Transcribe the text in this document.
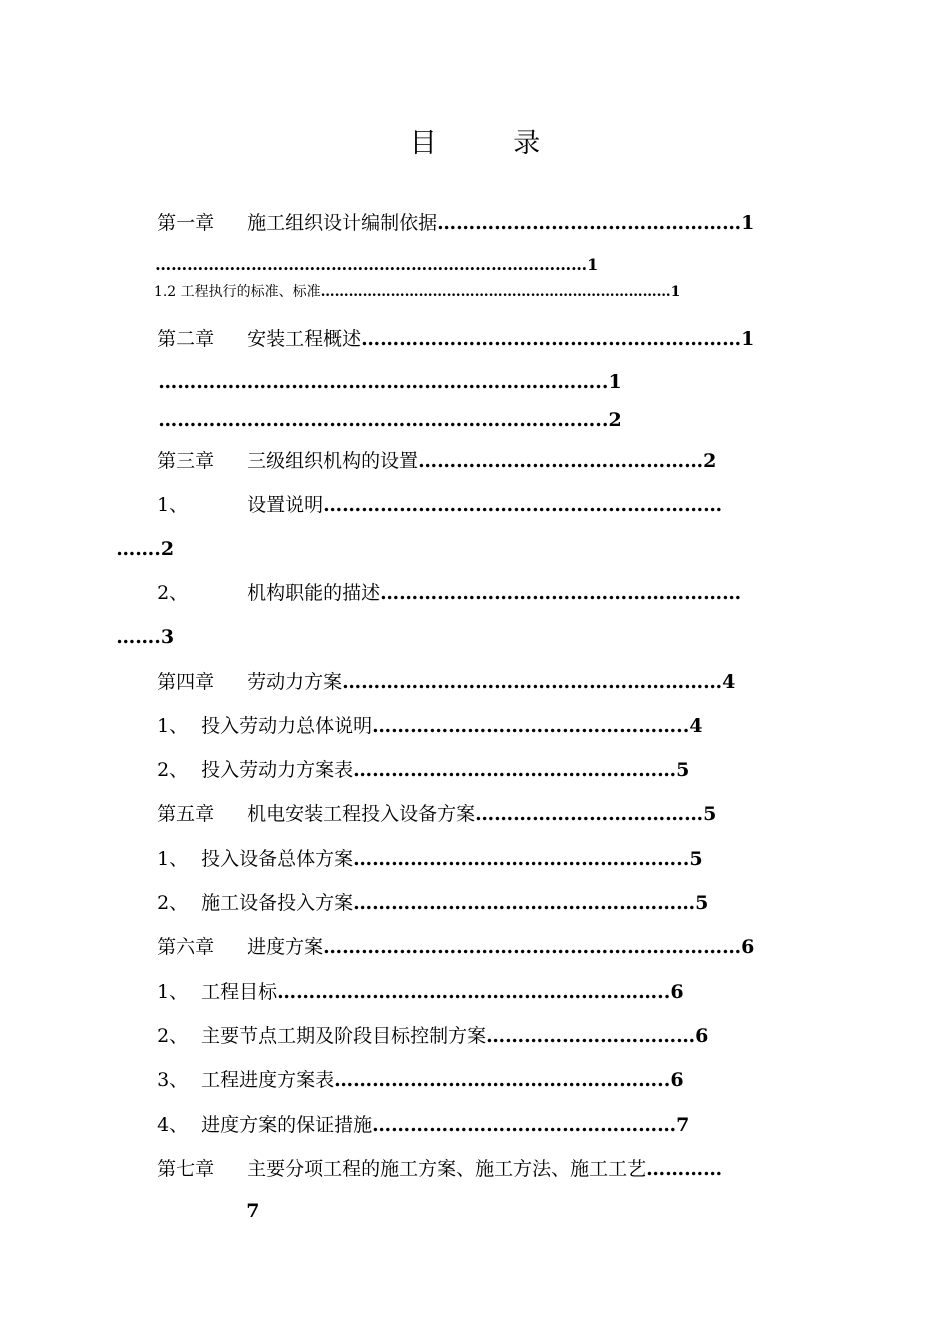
目 录

第一章 施工组织设计编制依据…………………………………………1

………………………………………………………………………1

1.2 工程执行的标准、标准…………………………………………………………………1

第二章 安装工程概述……………………………………………………1

……………………………………………………………..1

……………………………………………………………..2

第三章 三级组织机构的设置………………………………………2

1、	设置说明………………………………………………………

…….2

2、	机构职能的描述…………………………………………………

…….3

第四章 劳动力方案……………………………………………………4

1、 投入劳动力总体说明…………………………………………..4

2、 投入劳动力方案表……………………………………………5

第五章 机电安装工程投入设备方案………………………………5

1、 投入设备总体方案……………………………………………..5

2、 施工设备投入方案………………………………………………5

第六章 进度方案…………………………………………………………6

1、 工程目标……………………………………………………..6

2、 主要节点工期及阶段目标控制方案……………………………6

3、 工程进度方案表……………………………………………..6

4、 进度方案的保证措施…………………………………………7

第七章 主要分项工程的施工方案、施工方法、施工工艺…………

7
